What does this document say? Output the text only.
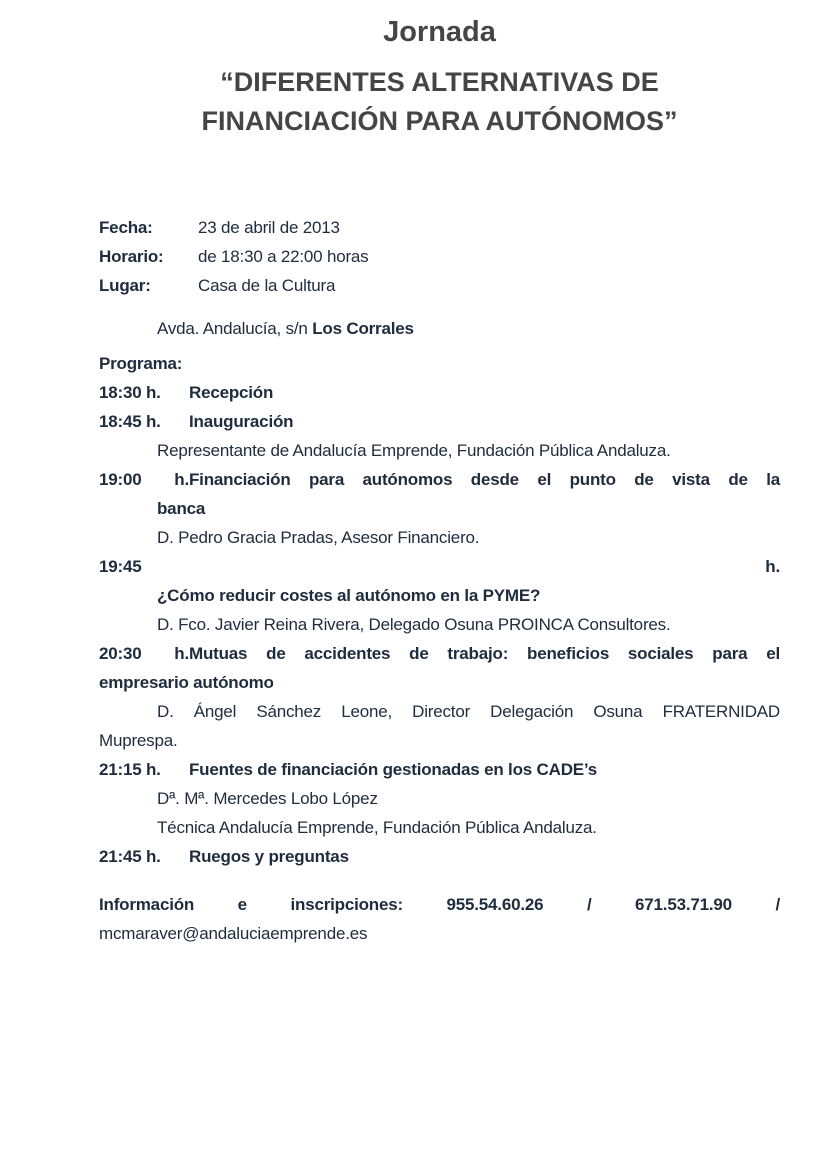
Jornada
“DIFERENTES ALTERNATIVAS DE
FINANCIACIÓN PARA AUTÓNOMOS”
Fecha:	23 de abril de 2013
Horario: de 18:30 a 22:00 horas
Lugar:	Casa de la Cultura
Avda. Andalucía, s/n Los Corrales
Programa:
18:30 h. Recepción
18:45 h. Inauguración
Representante de Andalucía Emprende, Fundación Pública Andaluza.
19:00 h.Financiación para autónomos desde el punto de vista de la
banca
D. Pedro Gracia Pradas, Asesor Financiero.
19:45	h.
¿Cómo reducir costes al autónomo en la PYME?
D. Fco. Javier Reina Rivera, Delegado Osuna PROINCA Consultores.
20:30 h.Mutuas de accidentes de trabajo: beneficios sociales para el
empresario autónomo
D. Ángel Sánchez Leone, Director Delegación Osuna FRATERNIDAD
Muprespa.
21:15 h. Fuentes de financiación gestionadas en los CADE’s
Dª. Mª. Mercedes Lobo López
Técnica Andalucía Emprende, Fundación Pública Andaluza.
21:45 h. Ruegos y preguntas
Información e inscripciones: 955.54.60.26 / 671.53.71.90 /
mcmaraver@andaluciaemprende.es
